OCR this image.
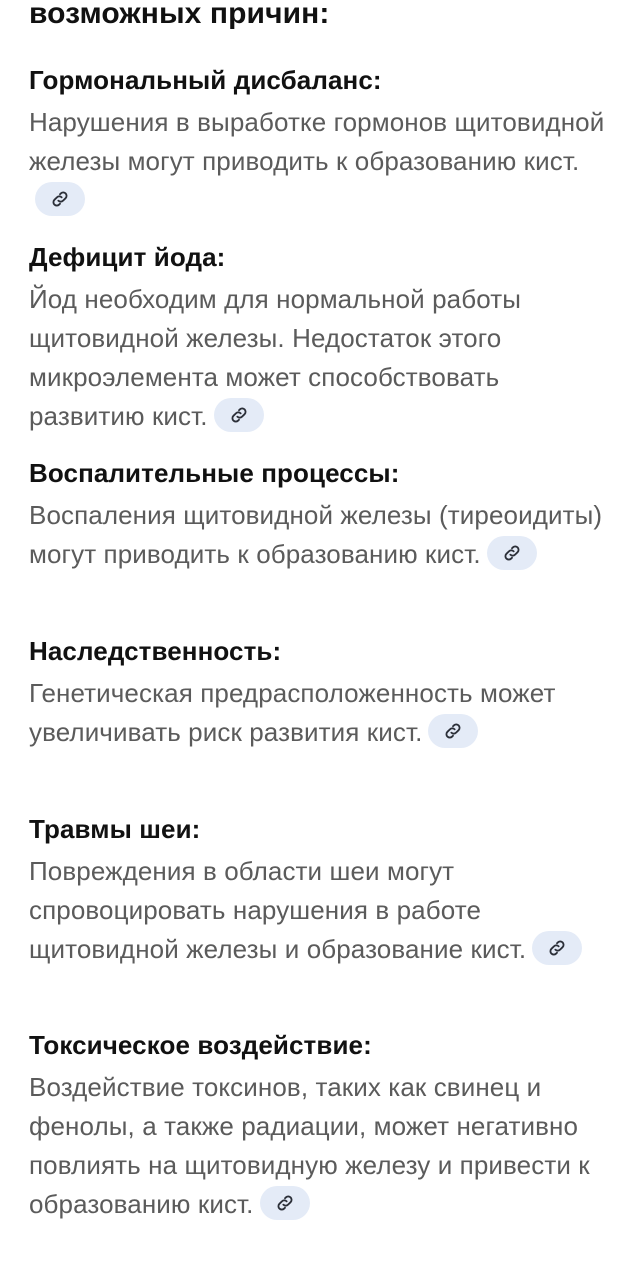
возможных причин:
Гормональный дисбаланс:

Нарушения в выработке гормонов щитовидной железы могут приводить к образованию кист.

Дефицит йода:

Йод необходим для нормальной работы щитовидной железы. Недостаток этого микроэлемента может способствовать развитию кист.

Воспалительные процессы:

Воспаления щитовидной железы (тиреоидиты) могут приводить к образованию кист.

Наследственность:

Генетическая предрасположенность может увеличивать риск развития кист.

Травмы шеи:

Повреждения в области шеи могут спровоцировать нарушения в работе щитовидной железы и образование кист.

Токсическое воздействие:

Воздействие токсинов, таких как свинец и фенолы, а также радиации, может негативно повлиять на щитовидную железу и привести к образованию кист.
